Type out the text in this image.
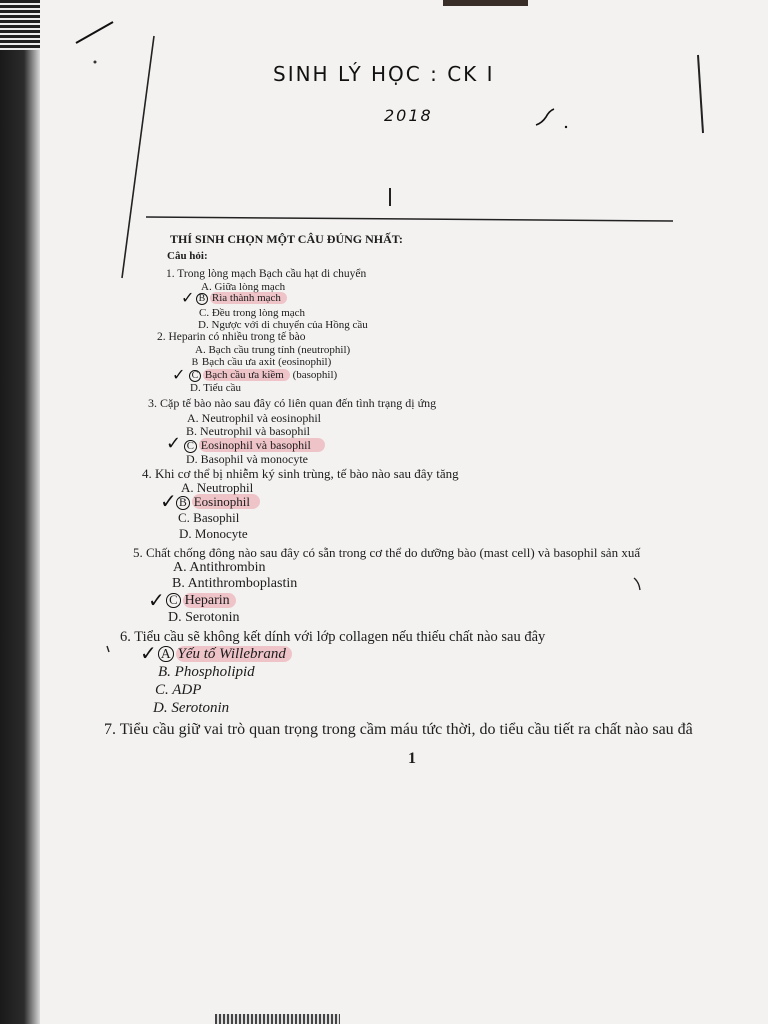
SINH LÝ HỌC : CK I
2018
THÍ SINH CHỌN MỘT CÂU ĐÚNG NHẤT:
Câu hỏi:
1. Trong lòng mạch Bạch cầu hạt di chuyển
A. Giữa lòng mạch
B Rìa thành mạch
C. Đều trong lòng mạch
D. Ngược với di chuyển của Hồng cầu
✓
2. Heparin có nhiều trong tế bào
A. Bạch cầu trung tính (neutrophil)
B Bạch cầu ưa axit (eosinophil)
C Bạch cầu ưa kiềm (basophil)
D. Tiểu cầu
✓
3. Cặp tế bào nào sau đây có liên quan đến tình trạng dị ứng
A. Neutrophil và eosinophil
B. Neutrophil và basophil
C Eosinophil và basophil
D. Basophil và monocyte
✓
4. Khi cơ thể bị nhiễm ký sinh trùng, tế bào nào sau đây tăng
A. Neutrophil
B Eosinophil
C. Basophil
D. Monocyte
✓
5. Chất chống đông nào sau đây có sẵn trong cơ thể do dưỡng bào (mast cell) và basophil sản xuấ
A. Antithrombin
B. Antithromboplastin
C Heparin
D. Serotonin
✓
6. Tiểu cầu sẽ không kết dính với lớp collagen nếu thiếu chất nào sau đây
A Yếu tố Willebrand
B. Phospholipid
C. ADP
D. Serotonin
✓
7. Tiểu cầu giữ vai trò quan trọng trong cầm máu tức thời, do tiểu cầu tiết ra chất nào sau đâ
1
